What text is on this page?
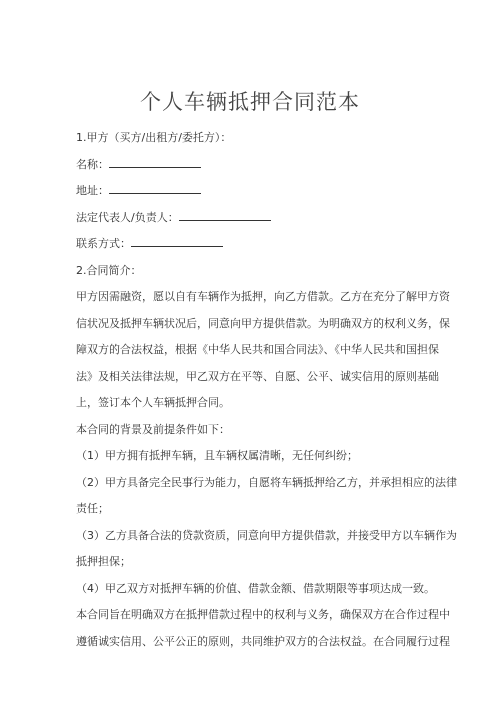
个人车辆抵押合同范本
1.甲方（买方/出租方/委托方）：
名称：
地址：
法定代表人/负责人：
联系方式：
2.合同简介：
甲方因需融资，愿以自有车辆作为抵押，向乙方借款。乙方在充分了解甲方资
信状况及抵押车辆状况后，同意向甲方提供借款。为明确双方的权利义务，保
障双方的合法权益，根据《中华人民共和国合同法》、《中华人民共和国担保
法》及相关法律法规，甲乙双方在平等、自愿、公平、诚实信用的原则基础
上，签订本个人车辆抵押合同。
本合同的背景及前提条件如下：
（1）甲方拥有抵押车辆，且车辆权属清晰，无任何纠纷；
（2）甲方具备完全民事行为能力，自愿将车辆抵押给乙方，并承担相应的法律
责任；
（3）乙方具备合法的贷款资质，同意向甲方提供借款，并接受甲方以车辆作为
抵押担保；
（4）甲乙双方对抵押车辆的价值、借款金额、借款期限等事项达成一致。
本合同旨在明确双方在抵押借款过程中的权利与义务，确保双方在合作过程中
遵循诚实信用、公平公正的原则，共同维护双方的合法权益。在合同履行过程
